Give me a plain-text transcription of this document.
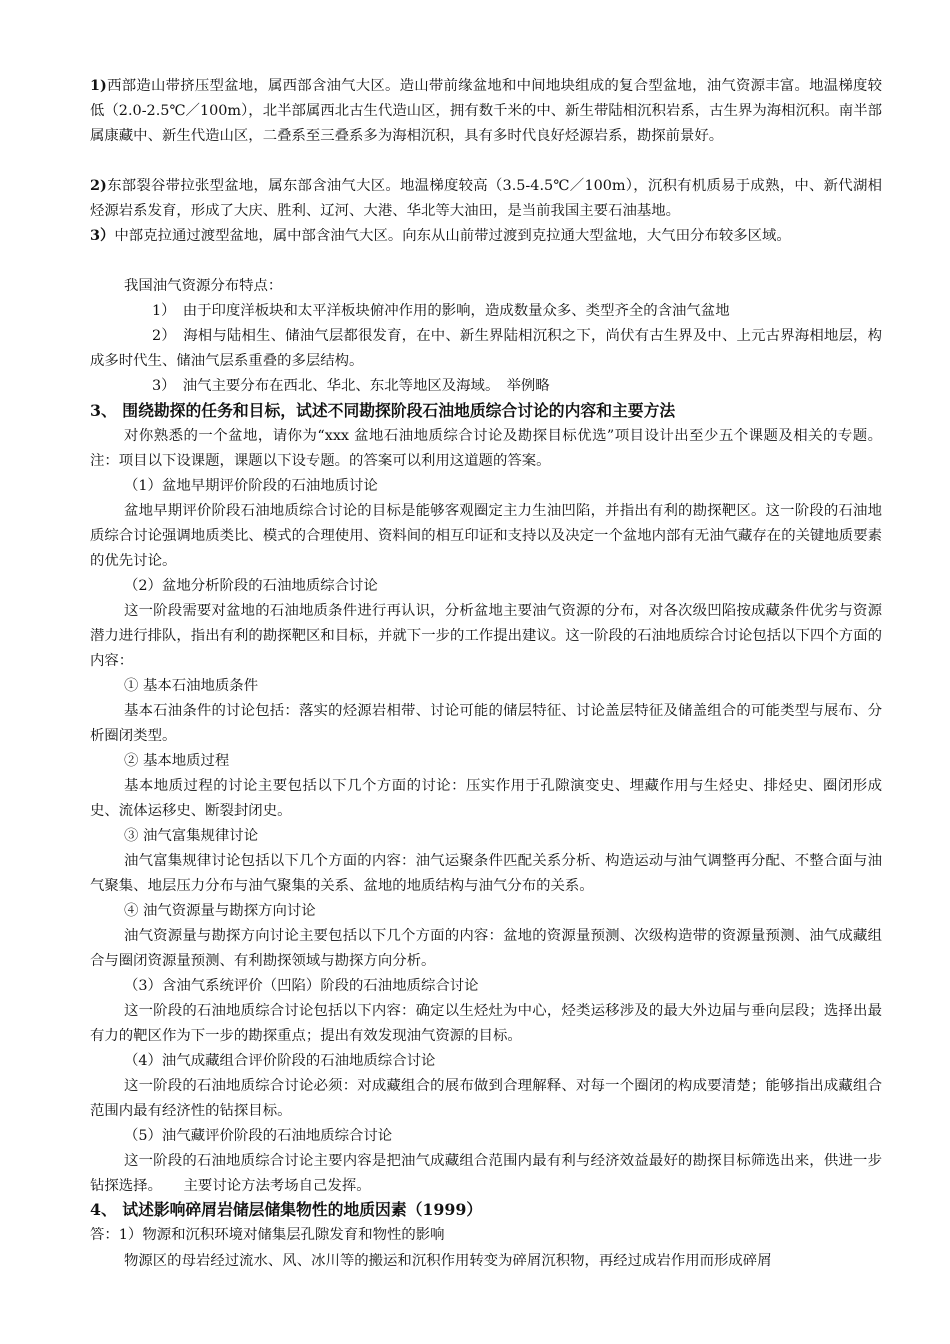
1)西部造山带挤压型盆地，属西部含油气大区。造山带前缘盆地和中间地块组成的复合型盆地，油气资源丰富。地温梯度较低（2.0-2.5℃／100m），北半部属西北古生代造山区，拥有数千米的中、新生带陆相沉积岩系，古生界为海相沉积。南半部属康藏中、新生代造山区，二叠系至三叠系多为海相沉积，具有多时代良好烃源岩系，勘探前景好。

2)东部裂谷带拉张型盆地，属东部含油气大区。地温梯度较高（3.5-4.5℃／100m），沉积有机质易于成熟，中、新代湖相烃源岩系发育，形成了大庆、胜利、辽河、大港、华北等大油田，是当前我国主要石油基地。

3）中部克拉通过渡型盆地，属中部含油气大区。向东从山前带过渡到克拉通大型盆地，大气田分布较多区域。

我国油气资源分布特点：

1）　由于印度洋板块和太平洋板块俯冲作用的影响，造成数量众多、类型齐全的含油气盆地

2）　海相与陆相生、储油气层都很发育，在中、新生界陆相沉积之下，尚伏有古生界及中、上元古界海相地层，构成多时代生、储油气层系重叠的多层结构。

3）　油气主要分布在西北、华北、东北等地区及海域。　举例略

3、 围绕勘探的任务和目标，试述不同勘探阶段石油地质综合讨论的内容和主要方法

对你熟悉的一个盆地，请你为“xxx 盆地石油地质综合讨论及勘探目标优选”项目设计出至少五个课题及相关的专题。注：项目以下设课题，课题以下设专题。的答案可以利用这道题的答案。

（1）盆地早期评价阶段的石油地质讨论

盆地早期评价阶段石油地质综合讨论的目标是能够客观圈定主力生油凹陷，并指出有利的勘探靶区。这一阶段的石油地质综合讨论强调地质类比、模式的合理使用、资料间的相互印证和支持以及决定一个盆地内部有无油气藏存在的关键地质要素的优先讨论。

（2）盆地分析阶段的石油地质综合讨论

这一阶段需要对盆地的石油地质条件进行再认识，分析盆地主要油气资源的分布，对各次级凹陷按成藏条件优劣与资源潜力进行排队，指出有利的勘探靶区和目标，并就下一步的工作提出建议。这一阶段的石油地质综合讨论包括以下四个方面的内容：

① 基本石油地质条件

基本石油条件的讨论包括：落实的烃源岩相带、讨论可能的储层特征、讨论盖层特征及储盖组合的可能类型与展布、分析圈闭类型。

② 基本地质过程

基本地质过程的讨论主要包括以下几个方面的讨论：压实作用于孔隙演变史、埋藏作用与生烃史、排烃史、圈闭形成史、流体运移史、断裂封闭史。

③ 油气富集规律讨论

油气富集规律讨论包括以下几个方面的内容：油气运聚条件匹配关系分析、构造运动与油气调整再分配、不整合面与油气聚集、地层压力分布与油气聚集的关系、盆地的地质结构与油气分布的关系。

④ 油气资源量与勘探方向讨论

油气资源量与勘探方向讨论主要包括以下几个方面的内容：盆地的资源量预测、次级构造带的资源量预测、油气成藏组合与圈闭资源量预测、有利勘探领域与勘探方向分析。

（3）含油气系统评价（凹陷）阶段的石油地质综合讨论

这一阶段的石油地质综合讨论包括以下内容：确定以生烃灶为中心，烃类运移涉及的最大外边届与垂向层段；选择出最有力的靶区作为下一步的勘探重点；提出有效发现油气资源的目标。

（4）油气成藏组合评价阶段的石油地质综合讨论

这一阶段的石油地质综合讨论必须：对成藏组合的展布做到合理解释、对每一个圈闭的构成要清楚；能够指出成藏组合范围内最有经济性的钻探目标。

（5）油气藏评价阶段的石油地质综合讨论

这一阶段的石油地质综合讨论主要内容是把油气成藏组合范围内最有利与经济效益最好的勘探目标筛选出来，供进一步钻探选择。　　主要讨论方法考场自己发挥。

4、 试述影响碎屑岩储层储集物性的地质因素（1999）

答：1）物源和沉积环境对储集层孔隙发育和物性的影响

物源区的母岩经过流水、风、冰川等的搬运和沉积作用转变为碎屑沉积物，再经过成岩作用而形成碎屑
